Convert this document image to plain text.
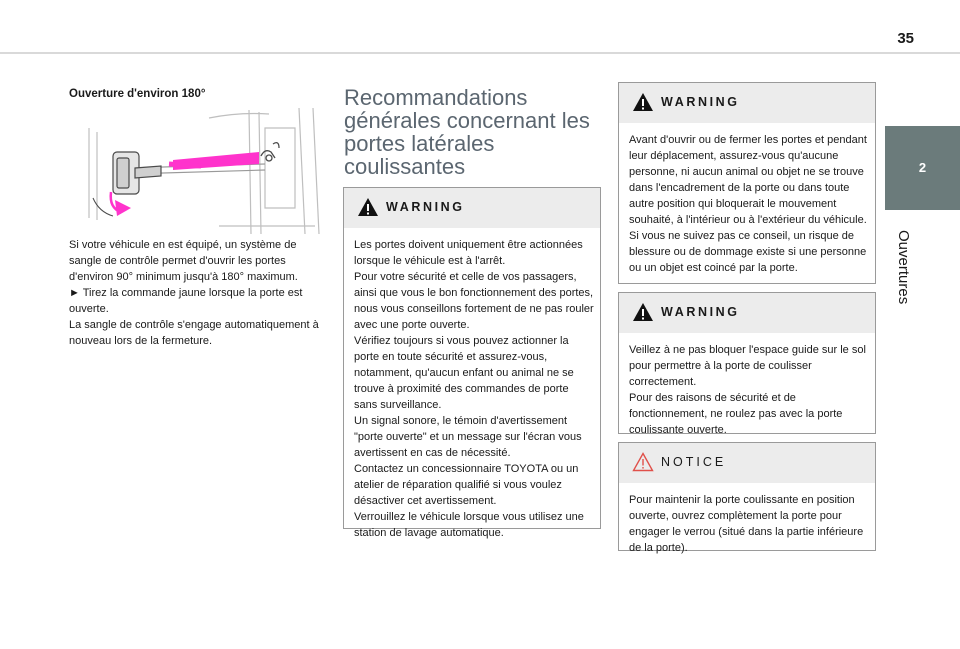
35
2
Ouvertures
Ouverture d'environ 180°

Si votre véhicule en est équipé, un système de sangle de contrôle permet d'ouvrir les portes d'environ 90° minimum jusqu'à 180° maximum.

► Tirez la commande jaune lorsque la porte est ouverte.

La sangle de contrôle s'engage automatiquement à nouveau lors de la fermeture.

Recommandations générales concernant les portes latérales coulissantes
WARNING

Les portes doivent uniquement être actionnées lorsque le véhicule est à l'arrêt.

Pour votre sécurité et celle de vos passagers, ainsi que vous le bon fonctionnement des portes, nous vous conseillons fortement de ne pas rouler avec une porte ouverte.

Vérifiez toujours si vous pouvez actionner la porte en toute sécurité et assurez-vous, notamment, qu'aucun enfant ou animal ne se trouve à proximité des commandes de porte sans surveillance.

Un signal sonore, le témoin d'avertissement "porte ouverte" et un message sur l'écran vous avertissent en cas de nécessité.

Contactez un concessionnaire TOYOTA ou un atelier de réparation qualifié si vous voulez désactiver cet avertissement.

Verrouillez le véhicule lorsque vous utilisez une station de lavage automatique.

WARNING

Avant d'ouvrir ou de fermer les portes et pendant leur déplacement, assurez-vous qu'aucune personne, ni aucun animal ou objet ne se trouve dans l'encadrement de la porte ou dans toute autre position qui bloquerait le mouvement souhaité, à l'intérieur ou à l'extérieur du véhicule.

Si vous ne suivez pas ce conseil, un risque de blessure ou de dommage existe si une personne ou un objet est coincé par la porte.

WARNING

Veillez à ne pas bloquer l'espace guide sur le sol pour permettre à la porte de coulisser correctement.

Pour des raisons de sécurité et de fonctionnement, ne roulez pas avec la porte coulissante ouverte.

NOTICE

Pour maintenir la porte coulissante en position ouverte, ouvrez complètement la porte pour engager le verrou (situé dans la partie inférieure de la porte).
